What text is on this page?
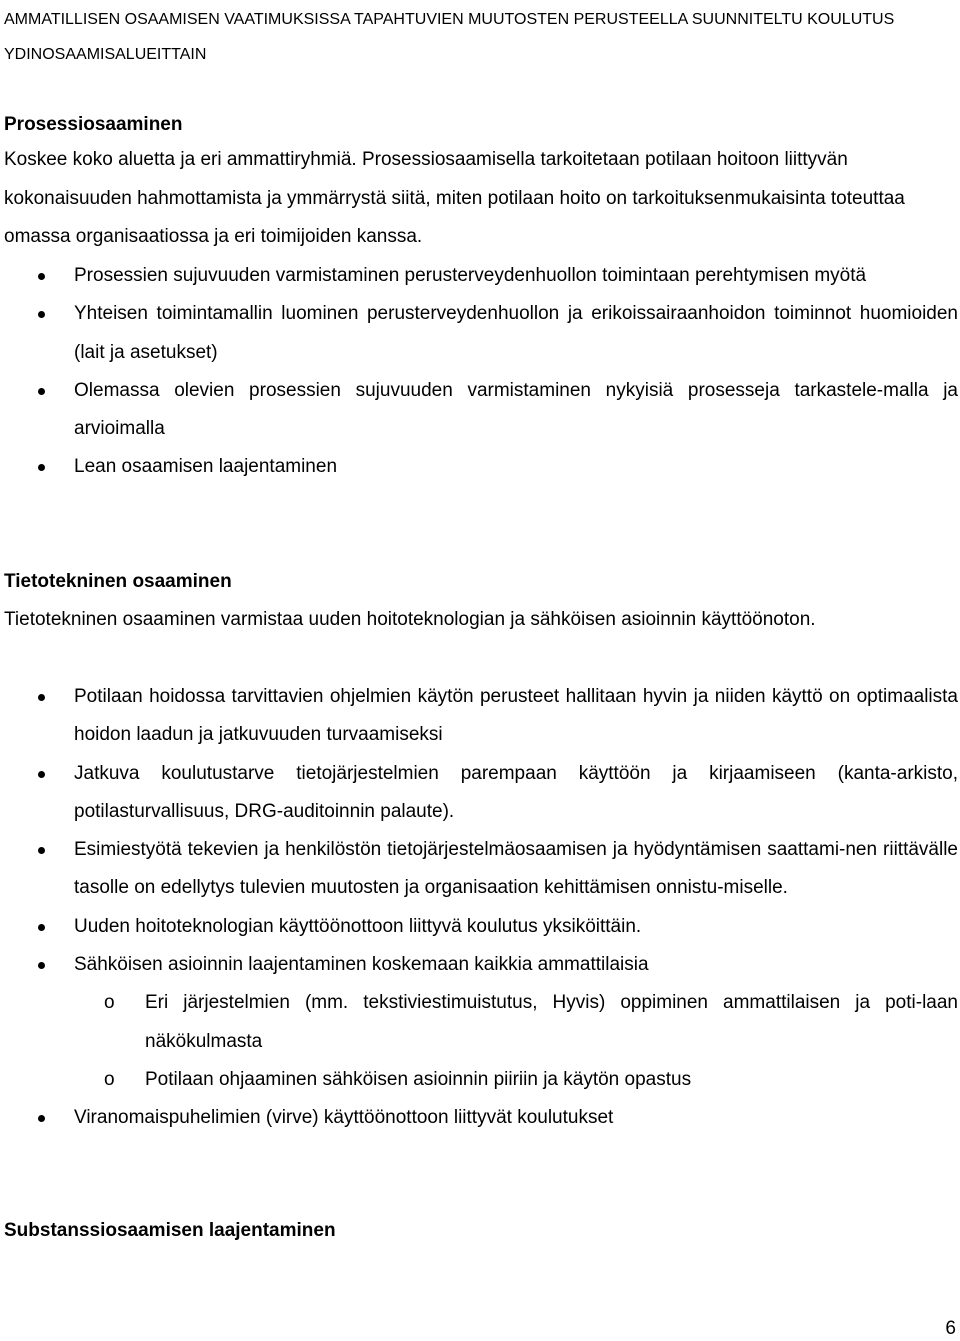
AMMATILLISEN OSAAMISEN VAATIMUKSISSA TAPAHTUVIEN MUUTOSTEN PERUSTEELLA SUUNNITELTU KOULUTUS YDINOSAAMISALUEITTAIN
Prosessiosaaminen

Koskee koko aluetta ja eri ammattiryhmiä. Prosessiosaamisella tarkoitetaan potilaan hoitoon liittyvän kokonaisuuden hahmottamista ja ymmärrystä siitä, miten potilaan hoito on tarkoituksenmukaisinta toteuttaa omassa organisaatiossa ja eri toimijoiden kanssa.

Prosessien sujuvuuden varmistaminen perusterveydenhuollon toimintaan perehtymisen myötä
Yhteisen toimintamallin luominen perusterveydenhuollon ja erikoissairaanhoidon toiminnot huomioiden (lait ja asetukset)
Olemassa olevien prosessien sujuvuuden varmistaminen nykyisiä prosesseja tarkastele-malla ja arvioimalla
Lean osaamisen laajentaminen
Tietotekninen osaaminen

Tietotekninen osaaminen varmistaa uuden hoitoteknologian ja sähköisen asioinnin käyttöönoton.

Potilaan hoidossa tarvittavien ohjelmien käytön perusteet hallitaan hyvin ja niiden käyttö on optimaalista hoidon laadun ja jatkuvuuden turvaamiseksi
Jatkuva koulutustarve tietojärjestelmien parempaan käyttöön ja kirjaamiseen (kanta-arkisto, potilasturvallisuus, DRG-auditoinnin palaute).
Esimiestyötä tekevien ja henkilöstön tietojärjestelmäosaamisen ja hyödyntämisen saattami-nen riittävälle tasolle on edellytys tulevien muutosten ja organisaation kehittämisen onnistu-miselle.
Uuden hoitoteknologian käyttöönottoon liittyvä koulutus yksiköittäin.
Sähköisen asioinnin laajentaminen koskemaan kaikkia ammattilaisia
o Eri järjestelmien (mm. tekstiviestimuistutus, Hyvis) oppiminen ammattilaisen ja poti-laan näkökulmasta
o Potilaan ohjaaminen sähköisen asioinnin piiriin ja käytön opastus
Viranomaispuhelimien (virve) käyttöönottoon liittyvät koulutukset
Substanssiosaamisen laajentaminen
6
